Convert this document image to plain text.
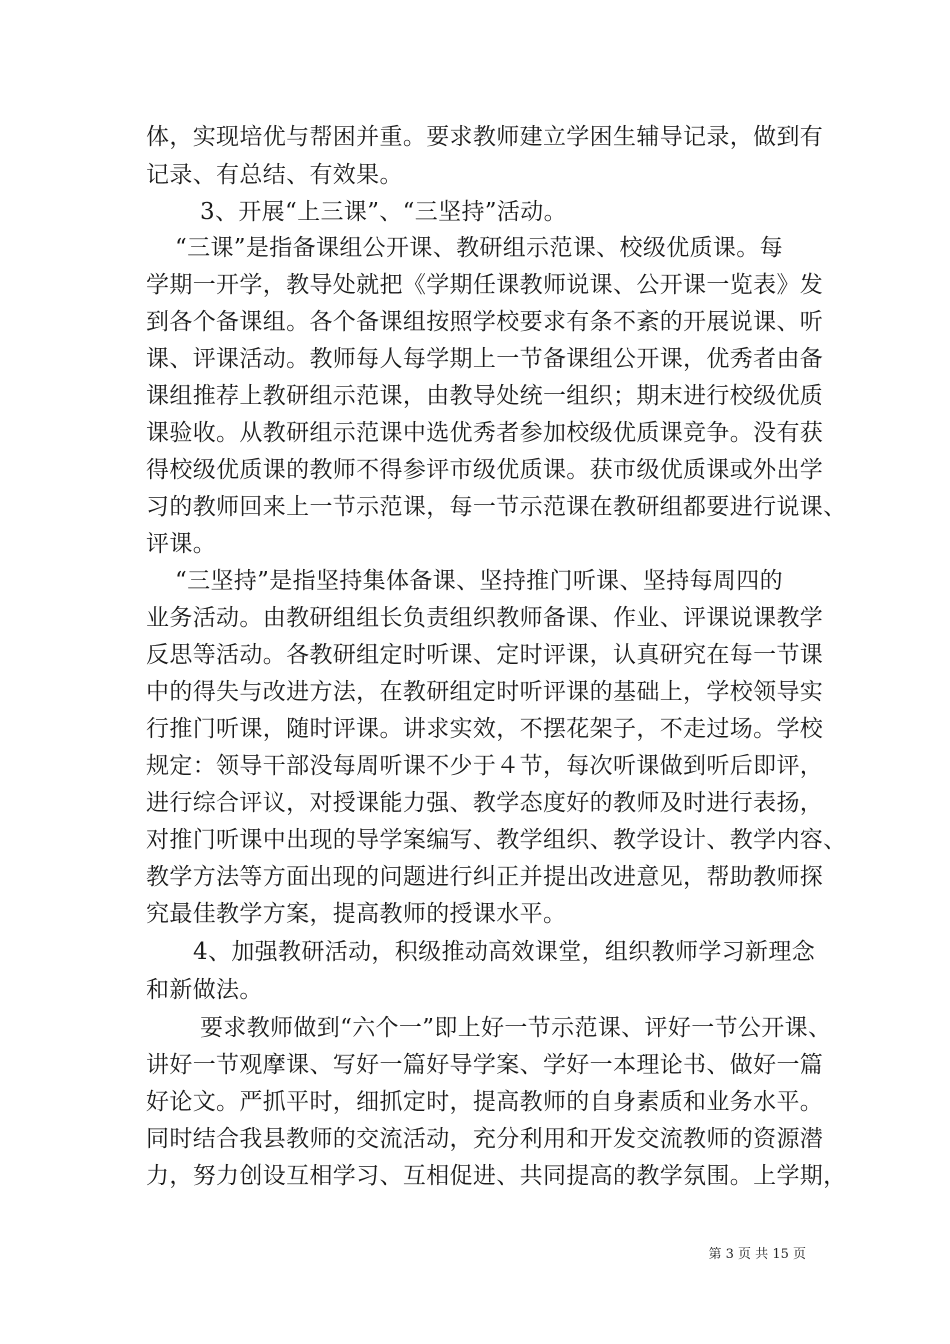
体，实现培优与帮困并重。要求教师建立学困生辅导记录，做到有
记录、有总结、有效果。
3、开展“上三课”、“三坚持”活动。
“三课”是指备课组公开课、教研组示范课、校级优质课。每
学期一开学，教导处就把《学期任课教师说课、公开课一览表》发
到各个备课组。各个备课组按照学校要求有条不紊的开展说课、听
课、评课活动。教师每人每学期上一节备课组公开课，优秀者由备
课组推荐上教研组示范课，由教导处统一组织；期末进行校级优质
课验收。从教研组示范课中选优秀者参加校级优质课竞争。没有获
得校级优质课的教师不得参评市级优质课。获市级优质课或外出学
习的教师回来上一节示范课，每一节示范课在教研组都要进行说课、
评课。
“三坚持”是指坚持集体备课、坚持推门听课、坚持每周四的
业务活动。由教研组组长负责组织教师备课、作业、评课说课教学
反思等活动。各教研组定时听课、定时评课，认真研究在每一节课
中的得失与改进方法，在教研组定时听评课的基础上，学校领导实
行推门听课，随时评课。讲求实效，不摆花架子，不走过场。学校
规定：领导干部没每周听课不少于４节，每次听课做到听后即评，
进行综合评议，对授课能力强、教学态度好的教师及时进行表扬，
对推门听课中出现的导学案编写、教学组织、教学设计、教学内容、
教学方法等方面出现的问题进行纠正并提出改进意见，帮助教师探
究最佳教学方案，提高教师的授课水平。
4、加强教研活动，积级推动高效课堂，组织教师学习新理念
和新做法。
要求教师做到“六个一”即上好一节示范课、评好一节公开课、
讲好一节观摩课、写好一篇好导学案、学好一本理论书、做好一篇
好论文。严抓平时，细抓定时，提高教师的自身素质和业务水平。
同时结合我县教师的交流活动，充分利用和开发交流教师的资源潜
力，努力创设互相学习、互相促进、共同提高的教学氛围。上学期，
第 3 页 共 15 页
